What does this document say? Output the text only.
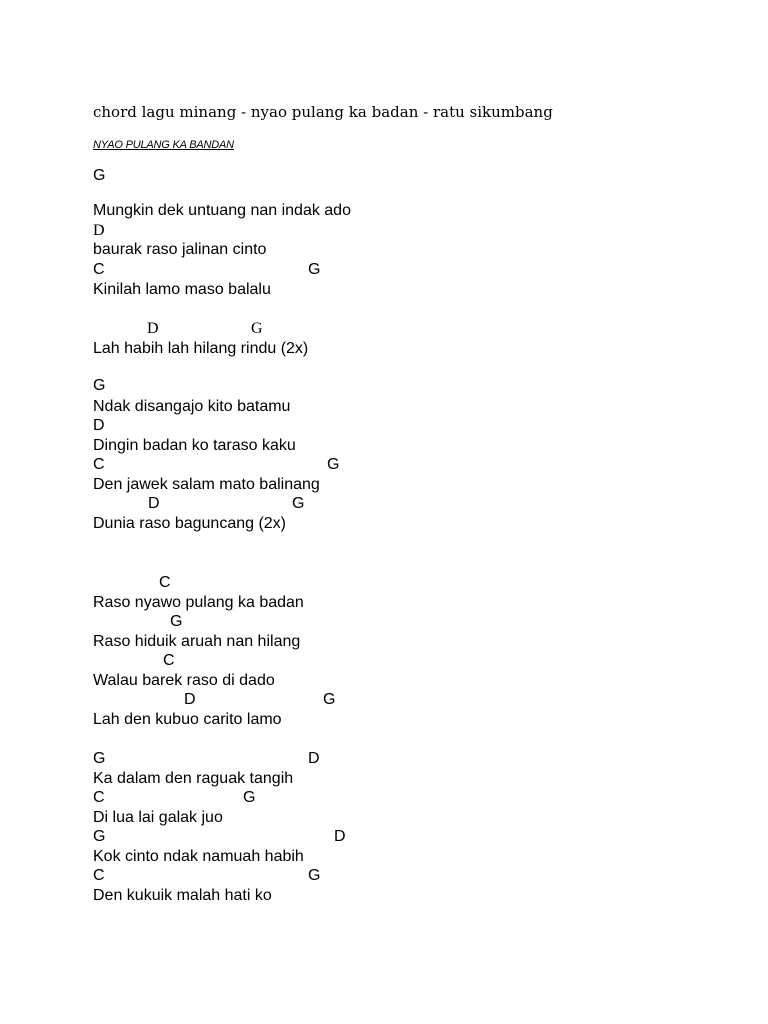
chord lagu minang - nyao pulang ka badan - ratu sikumbang
NYAO PULANG KA BANDAN
G
Mungkin dek untuang nan indak ado
D
baurak raso jalinan cinto
C	G
Kinilah lamo maso balalu
D	G
Lah habih lah hilang rindu (2x)
G
Ndak disangajo kito batamu
D
Dingin badan ko taraso kaku
C	G
Den jawek salam mato balinang
D	G
Dunia raso baguncang (2x)
C
Raso nyawo pulang ka badan
G
Raso hiduik aruah nan hilang
C
Walau barek raso di dado
D	G
Lah den kubuo carito lamo
G	D
Ka dalam den raguak tangih
C	G
Di lua lai galak juo
G	D
Kok cinto ndak namuah habih
C	G
Den kukuik malah hati ko
